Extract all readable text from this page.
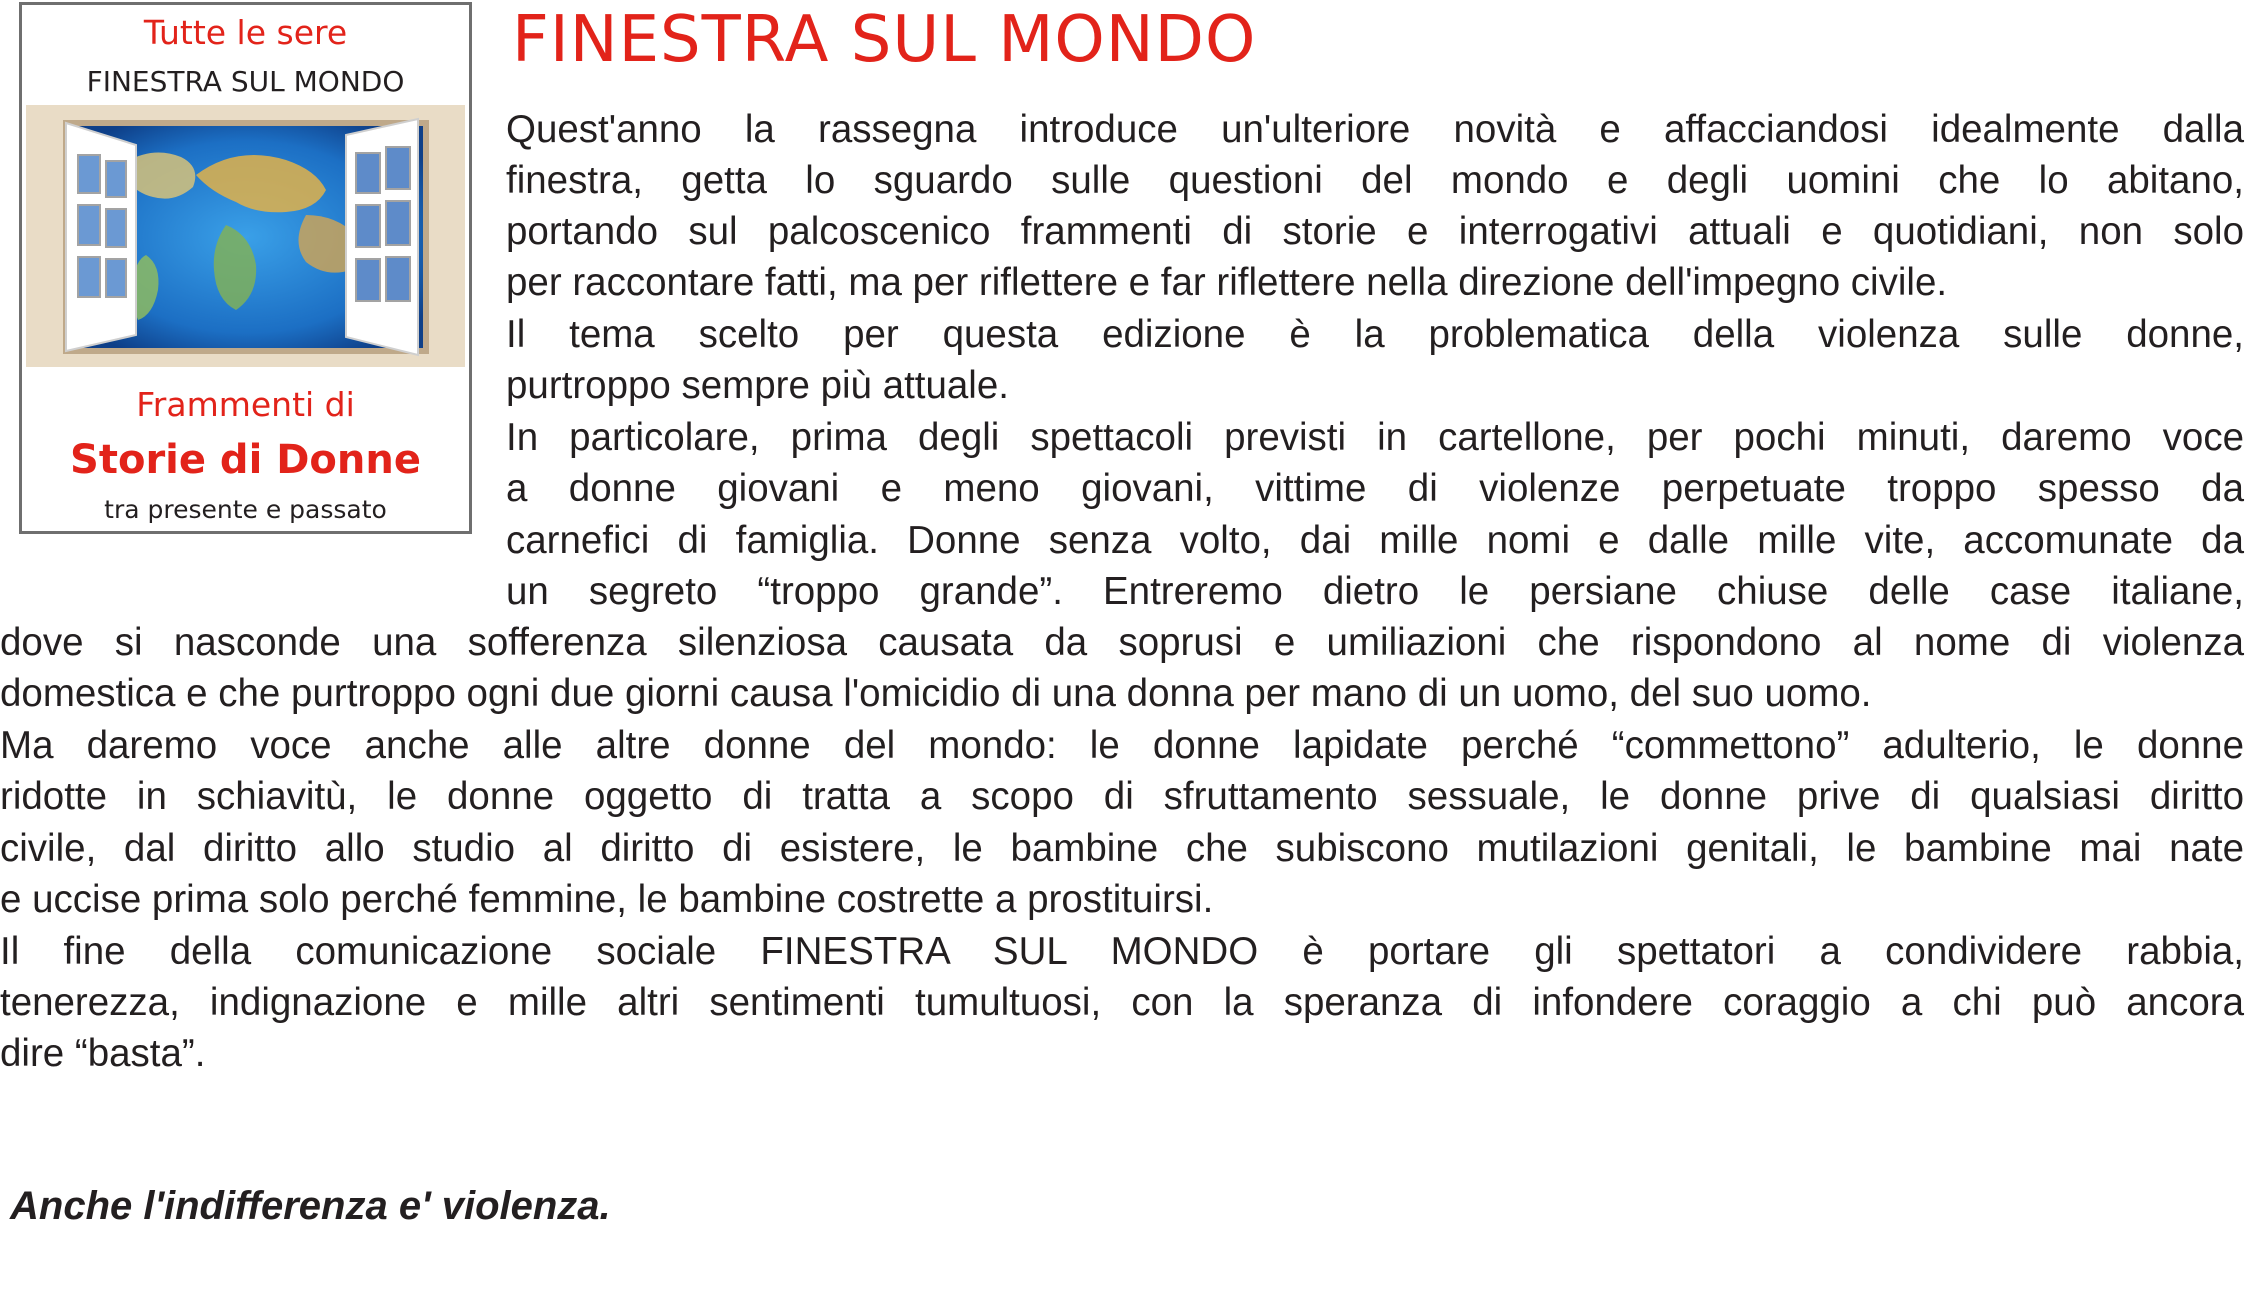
Tutte le sere
FINESTRA SUL MONDO
Frammenti di
Storie di Donne
tra presente e passato
FINESTRA SUL MONDO
Quest'anno la rassegna introduce un'ulteriore novità e affacciandosi idealmente dalla
finestra, getta lo sguardo sulle questioni del mondo e degli uomini che lo abitano,
portando sul palcoscenico frammenti di storie e interrogativi attuali e quotidiani, non solo
per raccontare fatti, ma per riflettere e far riflettere nella direzione dell'impegno civile.
Il tema scelto per questa edizione è la problematica della violenza sulle donne,
purtroppo sempre più attuale.
In particolare, prima degli spettacoli previsti in cartellone, per pochi minuti, daremo voce
a donne giovani e meno giovani, vittime di violenze perpetuate troppo spesso da
carnefici di famiglia. Donne senza volto, dai mille nomi e dalle mille vite, accomunate da
un segreto “troppo grande”. Entreremo dietro le persiane chiuse delle case italiane,
dove si nasconde una sofferenza silenziosa causata da soprusi e umiliazioni che rispondono al nome di violenza
domestica e che purtroppo ogni due giorni causa l'omicidio di una donna per mano di un uomo, del suo uomo.
Ma daremo voce anche alle altre donne del mondo: le donne lapidate perché “commettono” adulterio, le donne
ridotte in schiavitù, le donne oggetto di tratta a scopo di sfruttamento sessuale, le donne prive di qualsiasi diritto
civile, dal diritto allo studio al diritto di esistere, le bambine che subiscono mutilazioni genitali, le bambine mai nate
e uccise prima solo perché femmine, le bambine costrette a prostituirsi.
Il fine della comunicazione sociale FINESTRA SUL MONDO è portare gli spettatori a condividere rabbia,
tenerezza, indignazione e mille altri sentimenti tumultuosi, con la speranza di infondere coraggio a chi può ancora
dire “basta”.
Anche l'indifferenza e' violenza.
